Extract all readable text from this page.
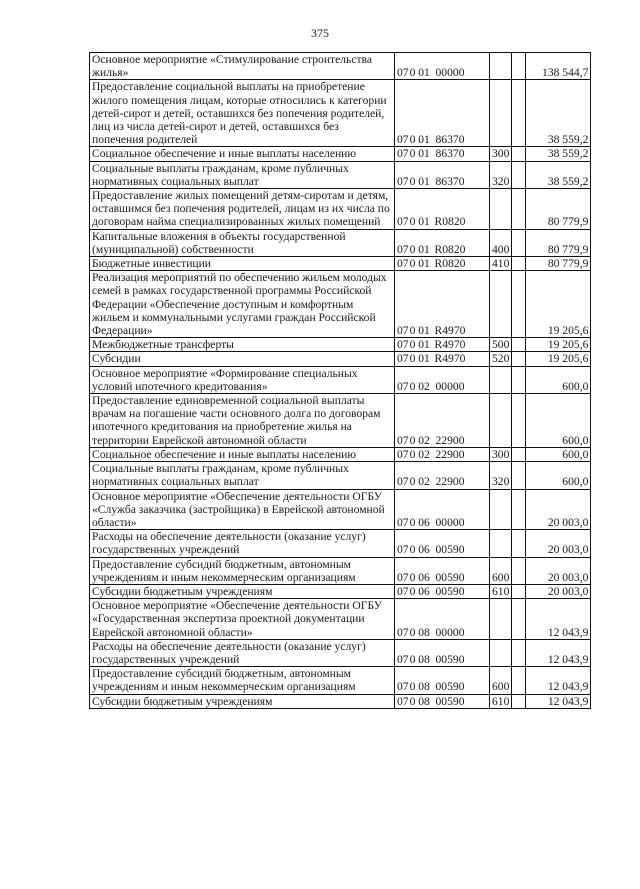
375
Основное мероприятие «Стимулирование строительства жилья»	070 01 00000			138 544,7
Предоставление социальной выплаты на приобретение жилого помещения лицам, которые относились к категории детей-сирот и детей, оставшихся без попечения родителей, лиц из числа детей-сирот и детей, оставшихся без попечения родителей	070 01 86370			38 559,2
Социальное обеспечение и иные выплаты населению	070 01 86370	300		38 559,2
Социальные выплаты гражданам, кроме публичных нормативных социальных выплат	070 01 86370	320		38 559,2
Предоставление жилых помещений детям-сиротам и детям, оставшимся без попечения родителей, лицам из их числа по договорам найма специализированных жилых помещений	070 01 R0820			80 779,9
Капитальные вложения в объекты государственной (муниципальной) собственности	070 01 R0820	400		80 779,9
Бюджетные инвестиции	070 01 R0820	410		80 779,9
Реализация мероприятий по обеспечению жильем молодых семей в рамках государственной программы Российской Федерации «Обеспечение доступным и комфортным жильем и коммунальными услугами граждан Российской Федерации»	070 01 R4970			19 205,6
Межбюджетные трансферты	070 01 R4970	500		19 205,6
Субсидии	070 01 R4970	520		19 205,6
Основное мероприятие «Формирование специальных условий ипотечного кредитования»	070 02 00000			600,0
Предоставление единовременной социальной выплаты врачам на погашение части основного долга по договорам ипотечного кредитования на приобретение жилья на территории Еврейской автономной области	070 02 22900			600,0
Социальное обеспечение и иные выплаты населению	070 02 22900	300		600,0
Социальные выплаты гражданам, кроме публичных нормативных социальных выплат	070 02 22900	320		600,0
Основное мероприятие «Обеспечение деятельности ОГБУ «Служба заказчика (застройщика) в Еврейской автономной области»	070 06 00000			20 003,0
Расходы на обеспечение деятельности (оказание услуг) государственных учреждений	070 06 00590			20 003,0
Предоставление субсидий бюджетным, автономным учреждениям и иным некоммерческим организациям	070 06 00590	600		20 003,0
Субсидии бюджетным учреждениям	070 06 00590	610		20 003,0
Основное мероприятие «Обеспечение деятельности ОГБУ «Государственная экспертиза проектной документации Еврейской автономной области»	070 08 00000			12 043,9
Расходы на обеспечение деятельности (оказание услуг) государственных учреждений	070 08 00590			12 043,9
Предоставление субсидий бюджетным, автономным учреждениям и иным некоммерческим организациям	070 08 00590	600		12 043,9
Субсидии бюджетным учреждениям	070 08 00590	610		12 043,9
